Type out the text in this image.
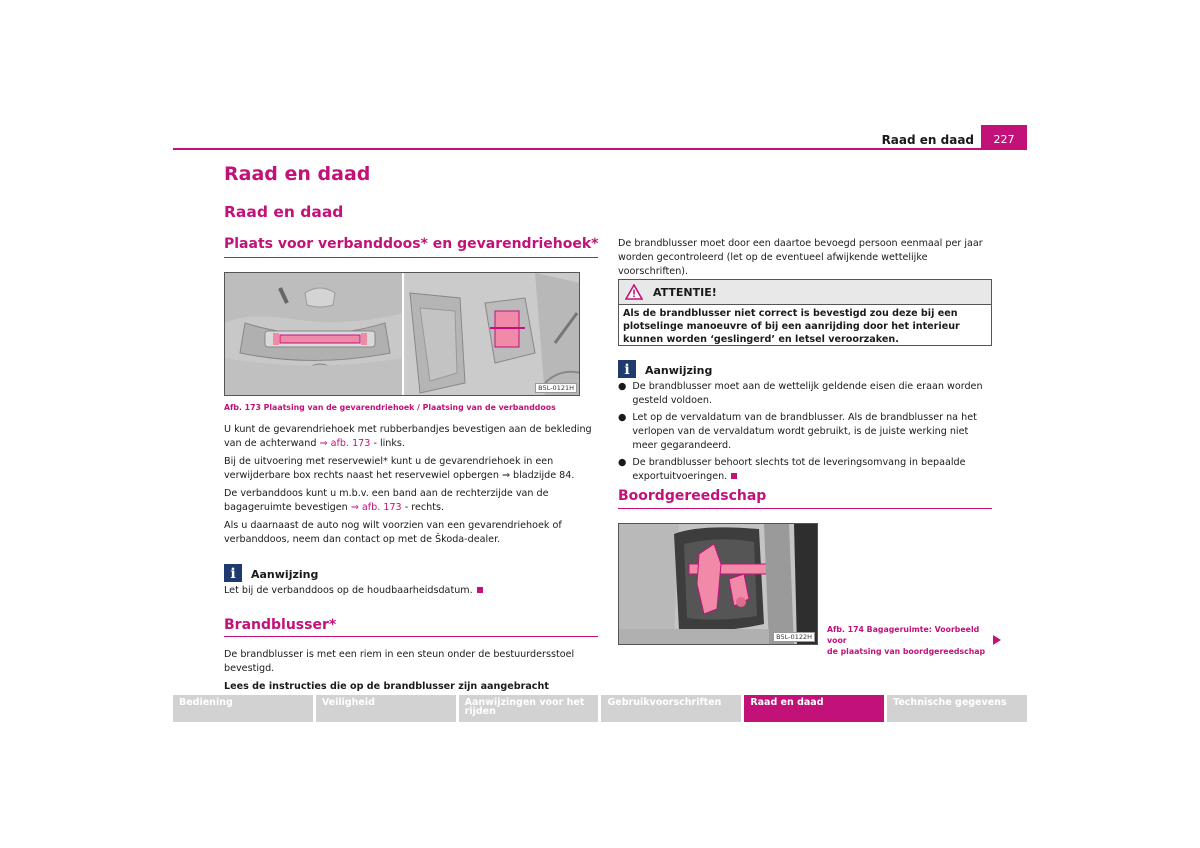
Raad en daad	227
Raad en daad
Raad en daad
Plaats voor verbanddoos* en gevarendriehoek*
B5L-0121H
Afb. 173 Plaatsing van de gevarendriehoek / Plaatsing van de verbanddoos

U kunt de gevarendriehoek met rubberbandjes bevestigen aan de bekleding van de achterwand ⇒ afb. 173 - links.

Bij de uitvoering met reservewiel* kunt u de gevarendriehoek in een verwijderbare box rechts naast het reservewiel opbergen ⇒ bladzijde 84.

De verbanddoos kunt u m.b.v. een band aan de rechterzijde van de bagageruimte bevestigen ⇒ afb. 173 - rechts.

Als u daarnaast de auto nog wilt voorzien van een gevarendriehoek of verbanddoos, neem dan contact op met de Škoda-dealer.

i	Aanwijzing
Let bij de verbanddoos op de houdbaarheidsdatum.
Brandblusser*

De brandblusser is met een riem in een steun onder de bestuurdersstoel bevestigd.

Lees de instructies die op de brandblusser zijn aangebracht

De brandblusser moet door een daartoe bevoegd persoon eenmaal per jaar worden gecontroleerd (let op de eventueel afwijkende wettelijke voorschriften).
ATTENTIE!
Als de brandblusser niet correct is bevestigd zou deze bij een plotselinge manoeuvre of bij een aanrijding door het interieur kunnen worden ‘geslingerd’ en letsel veroorzaken.
i	Aanwijzing
● De brandblusser moet aan de wettelijk geldende eisen die eraan worden gesteld voldoen.
● Let op de vervaldatum van de brandblusser. Als de brandblusser na het verlopen van de vervaldatum wordt gebruikt, is de juiste werking niet meer gegarandeerd.
● De brandblusser behoort slechts tot de leveringsomvang in bepaalde exportuitvoeringen.
Boordgereedschap
B5L-0122H
Afb. 174 Bagageruimte: Voorbeeld voor
de plaatsing van boordgereedschap
Bediening	Veiligheid	Aanwijzingen voor het
rijden
Gebruikvoorschriften	Raad en daad	Technische gegevens
